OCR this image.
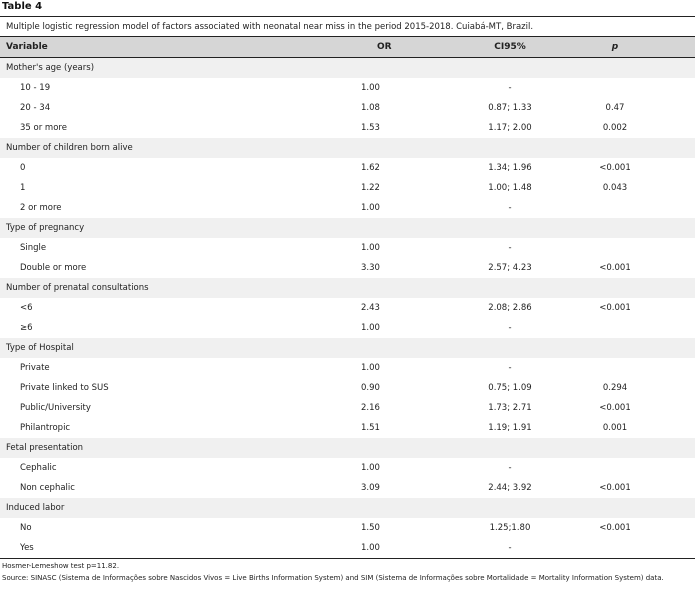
Table 4
Multiple logistic regression model of factors associated with neonatal near miss in the period 2015-2018. Cuiabá-MT, Brazil.
Variable	OR	CI95%	p
Mother's age (years)
10 - 19	1.00	-
20 - 34	1.08	0.87; 1.33	0.47
35 or more	1.53	1.17; 2.00	0.002
Number of children born alive
0	1.62	1.34; 1.96	<0.001
1	1.22	1.00; 1.48	0.043
2 or more	1.00	-
Type of pregnancy
Single	1.00	-
Double or more	3.30	2.57; 4.23	<0.001
Number of prenatal consultations
<6	2.43	2.08; 2.86	<0.001
≥6	1.00	-
Type of Hospital
Private	1.00	-
Private linked to SUS	0.90	0.75; 1.09	0.294
Public/University	2.16	1.73; 2.71	<0.001
Philantropic	1.51	1.19; 1.91	0.001
Fetal presentation
Cephalic	1.00	-
Non cephalic	3.09	2.44; 3.92	<0.001
Induced labor
No	1.50	1.25;1.80	<0.001
Yes	1.00	-
Hosmer-Lemeshow test p=11.82.
Source: SINASC (Sistema de Informações sobre Nascidos Vivos = Live Births Information System) and SIM (Sistema de Informações sobre Mortalidade = Mortality Information System) data.
